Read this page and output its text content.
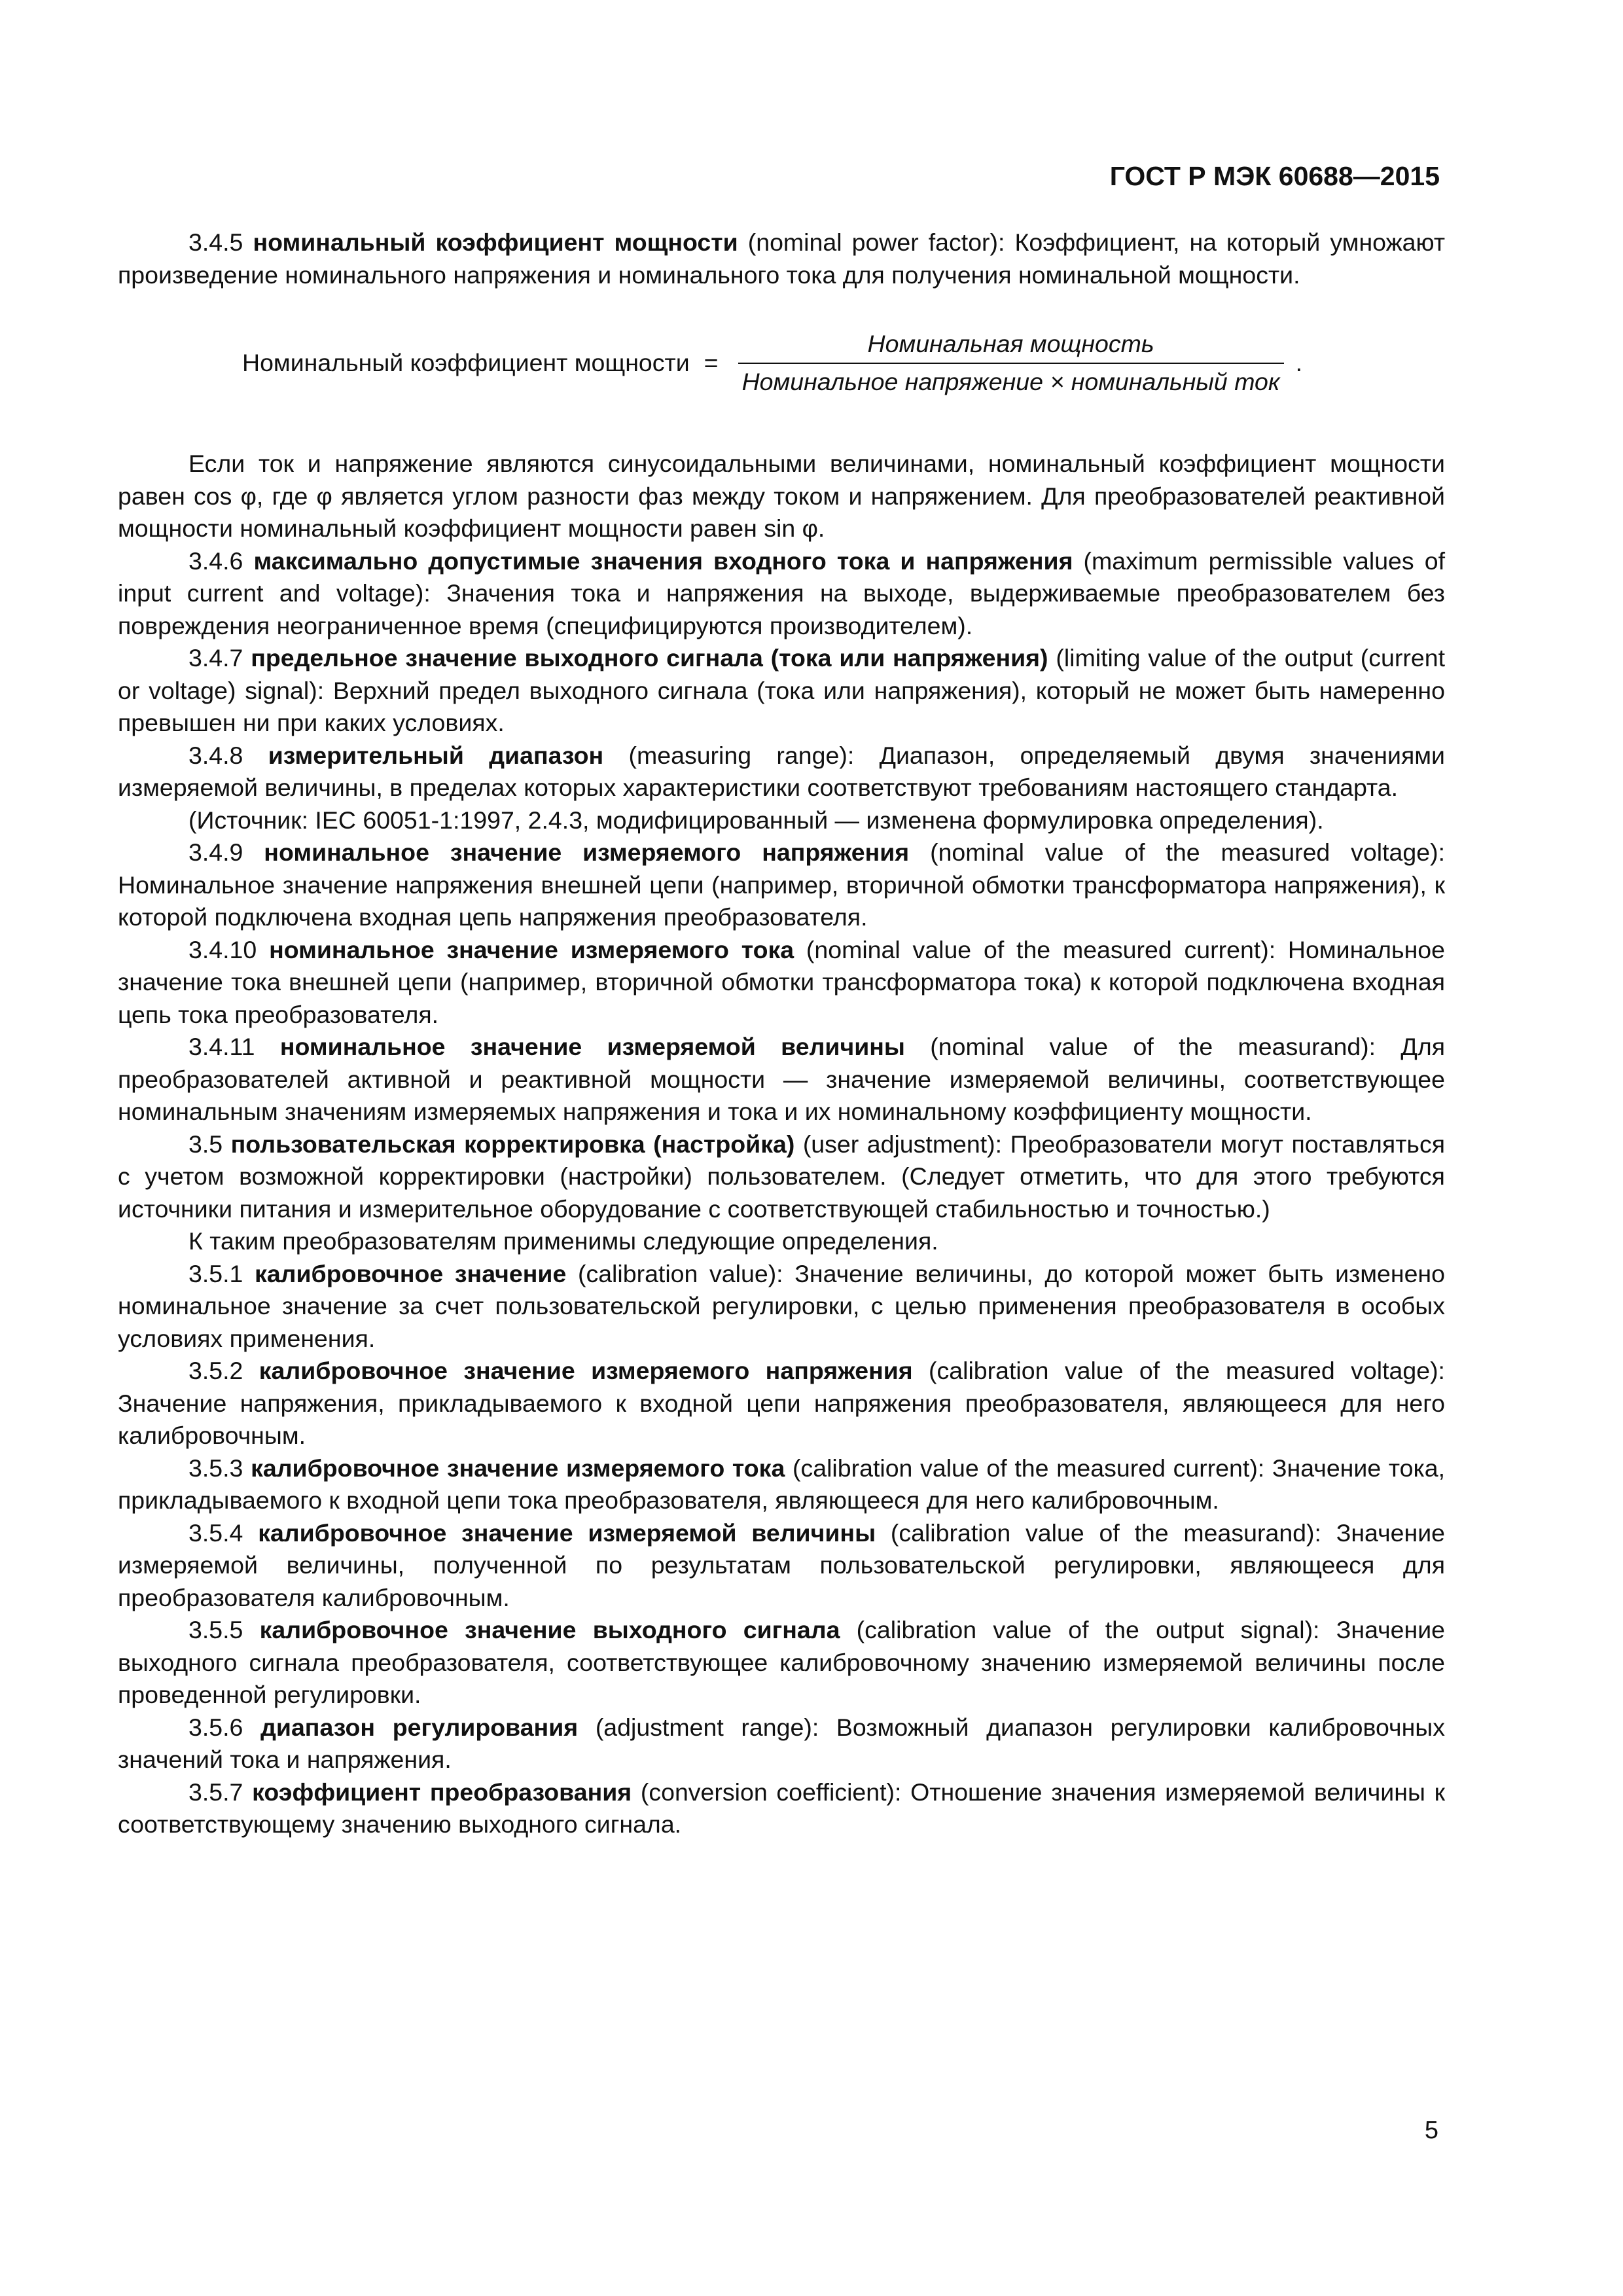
ГОСТ Р МЭК 60688—2015

3.4.5 номинальный коэффициент мощности (nominal power factor): Коэффициент, на который умножают произведение номинального напряжения и номинального тока для получения номинальной мощности.

Номинальный коэффициент мощности = $\frac{\text{Номинальная мощность}}{\text{Номинальное напряжение × номинальный ток}}$ .

Если ток и напряжение являются синусоидальными величинами, номинальный коэффициент мощности равен cos φ, где φ является углом разности фаз между током и напряжением. Для преобразователей реактивной мощности номинальный коэффициент мощности равен sin φ.

3.4.6 максимально допустимые значения входного тока и напряжения (maximum permissible values of input current and voltage): Значения тока и напряжения на выходе, выдерживаемые преобразователем без повреждения неограниченное время (специфицируются производителем).

3.4.7 предельное значение выходного сигнала (тока или напряжения) (limiting value of the output (current or voltage) signal): Верхний предел выходного сигнала (тока или напряжения), который не может быть намеренно превышен ни при каких условиях.

3.4.8 измерительный диапазон (measuring range): Диапазон, определяемый двумя значениями измеряемой величины, в пределах которых характеристики соответствуют требованиям настоящего стандарта.

(Источник: IEC 60051-1:1997, 2.4.3, модифицированный — изменена формулировка определения).

3.4.9 номинальное значение измеряемого напряжения (nominal value of the measured voltage): Номинальное значение напряжения внешней цепи (например, вторичной обмотки трансформатора напряжения), к которой подключена входная цепь напряжения преобразователя.

3.4.10 номинальное значение измеряемого тока (nominal value of the measured current): Номинальное значение тока внешней цепи (например, вторичной обмотки трансформатора тока) к которой подключена входная цепь тока преобразователя.

3.4.11 номинальное значение измеряемой величины (nominal value of the measurand): Для преобразователей активной и реактивной мощности — значение измеряемой величины, соответствующее номинальным значениям измеряемых напряжения и тока и их номинальному коэффициенту мощности.

3.5 пользовательская корректировка (настройка) (user adjustment): Преобразователи могут поставляться с учетом возможной корректировки (настройки) пользователем. (Следует отметить, что для этого требуются источники питания и измерительное оборудование с соответствующей стабильностью и точностью.)

К таким преобразователям применимы следующие определения.

3.5.1 калибровочное значение (calibration value): Значение величины, до которой может быть изменено номинальное значение за счет пользовательской регулировки, с целью применения преобразователя в особых условиях применения.

3.5.2 калибровочное значение измеряемого напряжения (calibration value of the measured voltage): Значение напряжения, прикладываемого к входной цепи напряжения преобразователя, являющееся для него калибровочным.

3.5.3 калибровочное значение измеряемого тока (calibration value of the measured current): Значение тока, прикладываемого к входной цепи тока преобразователя, являющееся для него калибровочным.

3.5.4 калибровочное значение измеряемой величины (calibration value of the measurand): Значение измеряемой величины, полученной по результатам пользовательской регулировки, являющееся для преобразователя калибровочным.

3.5.5 калибровочное значение выходного сигнала (calibration value of the output signal): Значение выходного сигнала преобразователя, соответствующее калибровочному значению измеряемой величины после проведенной регулировки.

3.5.6 диапазон регулирования (adjustment range): Возможный диапазон регулировки калибровочных значений тока и напряжения.

3.5.7 коэффициент преобразования (conversion coefficient): Отношение значения измеряемой величины к соответствующему значению выходного сигнала.

5
